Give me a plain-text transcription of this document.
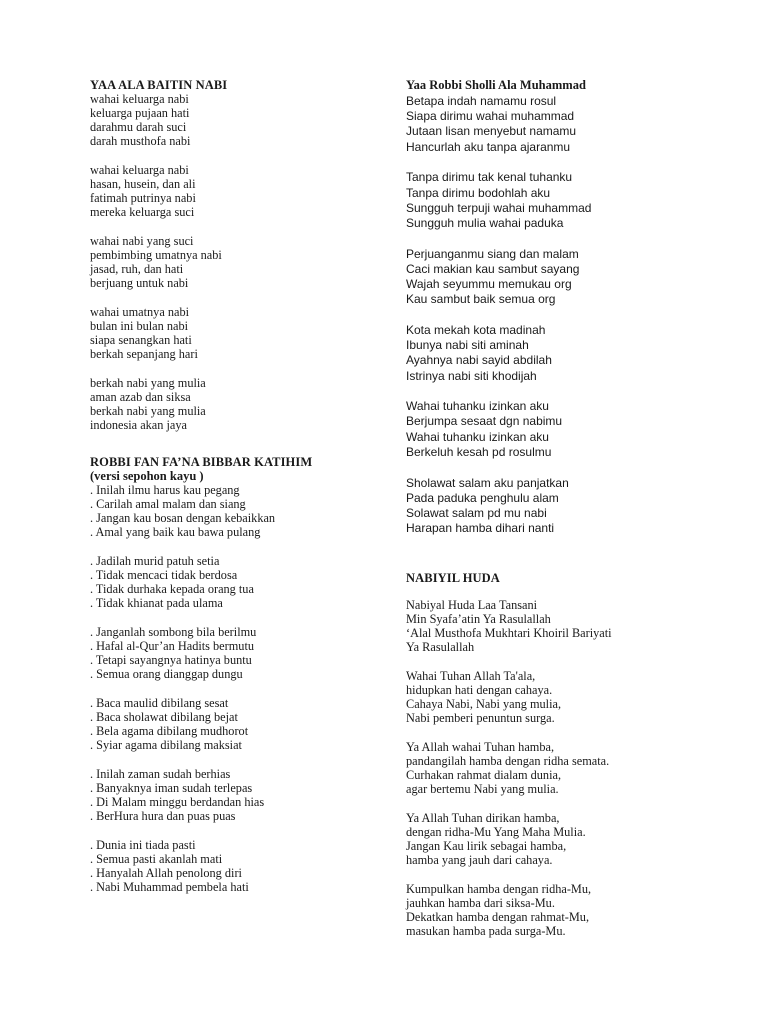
YAA ALA BAITIN NABI

wahai keluarga nabi
keluarga pujaan hati
darahmu darah suci
darah musthofa nabi
wahai keluarga nabi
hasan, husein, dan ali
fatimah putrinya nabi
mereka keluarga suci
wahai nabi yang suci
pembimbing umatnya nabi
jasad, ruh, dan hati
berjuang untuk nabi
wahai umatnya nabi
bulan ini bulan nabi
siapa senangkan hati
berkah sepanjang hari
berkah nabi yang mulia
aman azab dan siksa
berkah nabi yang mulia
indonesia akan jaya

ROBBI FAN FA’NA BIBBAR KATIHIM

(versi sepohon kayu )

. Inilah ilmu harus kau pegang
. Carilah amal malam dan siang
. Jangan kau bosan dengan kebaikkan
. Amal yang baik kau bawa pulang
. Jadilah murid patuh setia
. Tidak mencaci tidak berdosa
. Tidak durhaka kepada orang tua
. Tidak khianat pada ulama
. Janganlah sombong bila berilmu
. Hafal al-Qur’an Hadits bermutu
. Tetapi sayangnya hatinya buntu
. Semua orang dianggap dungu
. Baca maulid dibilang sesat
. Baca sholawat dibilang bejat
. Bela agama dibilang mudhorot
. Syiar agama dibilang maksiat
. Inilah zaman sudah berhias
. Banyaknya iman sudah terlepas
. Di Malam minggu berdandan hias
. BerHura hura dan puas puas
. Dunia ini tiada pasti
. Semua pasti akanlah mati
. Hanyalah Allah penolong diri
. Nabi Muhammad pembela hati

Yaa Robbi Sholli Ala Muhammad

Betapa indah namamu rosul
Siapa dirimu wahai muhammad
Jutaan lisan menyebut namamu
Hancurlah aku tanpa ajaranmu
Tanpa dirimu tak kenal tuhanku
Tanpa dirimu bodohlah aku
Sungguh terpuji wahai muhammad
Sungguh mulia wahai paduka
Perjuanganmu siang dan malam
Caci makian kau sambut sayang
Wajah seyummu memukau org
Kau sambut baik semua org
Kota mekah kota madinah
Ibunya nabi siti aminah
Ayahnya nabi sayid abdilah
Istrinya nabi siti khodijah
Wahai tuhanku izinkan aku
Berjumpa sesaat dgn nabimu
Wahai tuhanku izinkan aku
Berkeluh kesah pd rosulmu
Sholawat salam aku panjatkan
Pada paduka penghulu alam
Solawat salam pd mu nabi
Harapan hamba dihari nanti

NABIYIL HUDA

Nabiyal Huda Laa Tansani
Min Syafa’atin Ya Rasulallah
‘Alal Musthofa Mukhtari Khoiril Bariyati
Ya Rasulallah
Wahai Tuhan Allah Ta'ala,
hidupkan hati dengan cahaya.
Cahaya Nabi, Nabi yang mulia,
Nabi pemberi penuntun surga.
Ya Allah wahai Tuhan hamba,
pandangilah hamba dengan ridha semata.
Curhakan rahmat dialam dunia,
agar bertemu Nabi yang mulia.
Ya Allah Tuhan dirikan hamba,
dengan ridha-Mu Yang Maha Mulia.
Jangan Kau lirik sebagai hamba,
hamba yang jauh dari cahaya.
Kumpulkan hamba dengan ridha-Mu,
jauhkan hamba dari siksa-Mu.
Dekatkan hamba dengan rahmat-Mu,
masukan hamba pada surga-Mu.
